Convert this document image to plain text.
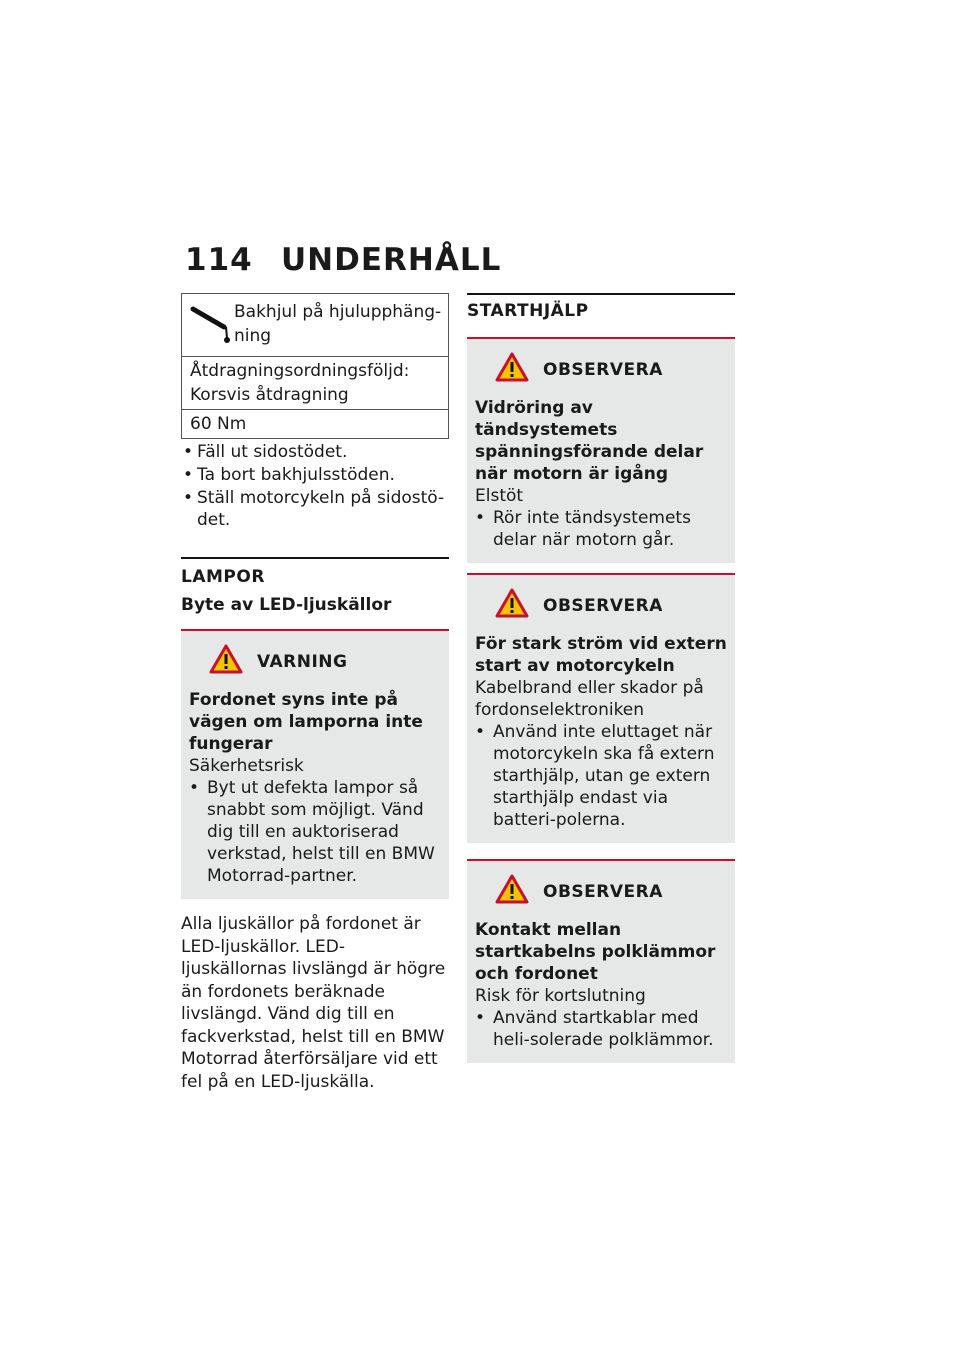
114 UNDERHÅLL
Bakhjul på hjulupphäng-ning
Åtdragningsordningsföljd: Korsvis åtdragning
60 Nm
• Fäll ut sidostödet.
• Ta bort bakhjulsstöden.
• Ställ motorcykeln på sidostö-det.
LAMPOR
Byte av LED-ljuskällor
VARNING
Fordonet syns inte på vägen om lamporna inte fungerar
Säkerhetsrisk
• Byt ut defekta lampor så snabbt som möjligt. Vänd dig till en auktoriserad verkstad, helst till en BMW Motorrad-partner.
Alla ljuskällor på fordonet är LED-ljuskällor. LED-ljuskällornas livslängd är högre än fordonets beräknade livslängd. Vänd dig till en fackverkstad, helst till en BMW Motorrad återförsäljare vid ett fel på en LED-ljuskälla.
STARTHJÄLP
OBSERVERA
Vidröring av tändsystemets spänningsförande delar när motorn är igång
Elstöt
• Rör inte tändsystemets delar när motorn går.
OBSERVERA
För stark ström vid extern start av motorcykeln
Kabelbrand eller skador på fordonselektroniken
• Använd inte eluttaget när motorcykeln ska få extern starthjälp, utan ge extern starthjälp endast via batteri-polerna.
OBSERVERA
Kontakt mellan startkabelns polklämmor och fordonet
Risk för kortslutning
• Använd startkablar med heli-solerade polklämmor.
